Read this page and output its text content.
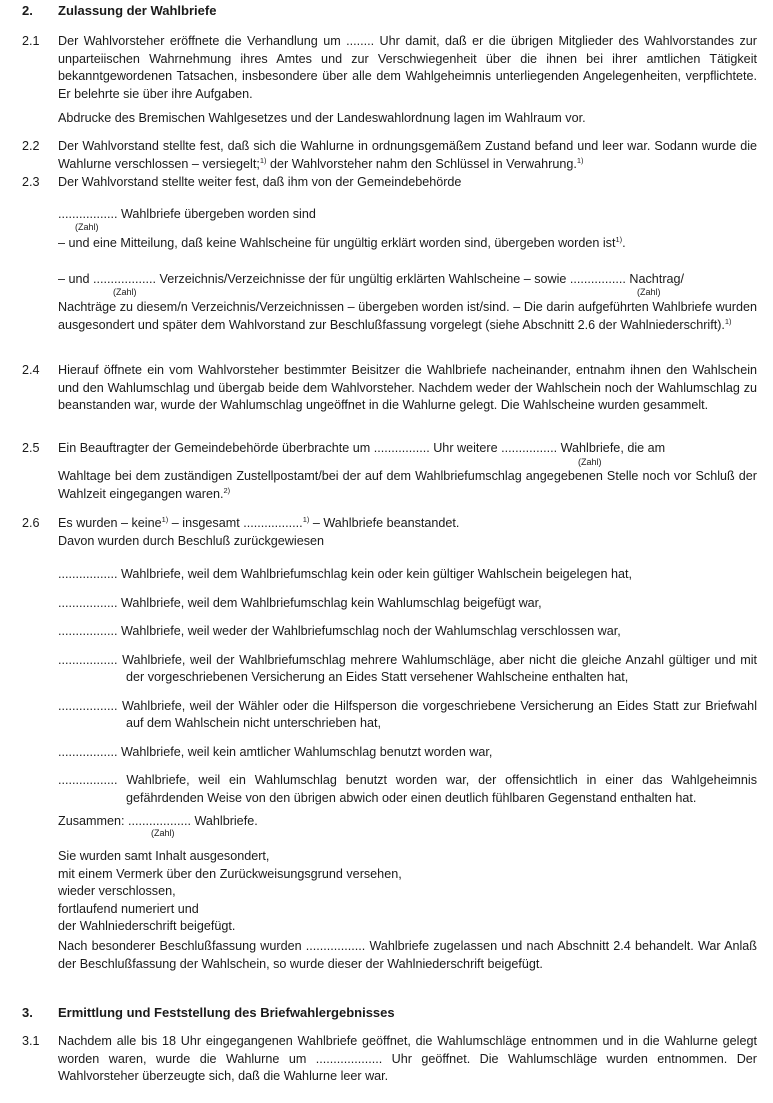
2. Zulassung der Wahlbriefe
2.1 Der Wahlvorsteher eröffnete die Verhandlung um ........ Uhr damit, daß er die übrigen Mitglieder des Wahlvorstandes zur unparteiischen Wahrnehmung ihres Amtes und zur Verschwiegenheit über die ihnen bei ihrer amtlichen Tätigkeit bekanntgewordenen Tatsachen, insbesondere über alle dem Wahlgeheimnis unterliegenden Angelegenheiten, verpflichtete. Er belehrte sie über ihre Aufgaben.

Abdrucke des Bremischen Wahlgesetzes und der Landeswahlordnung lagen im Wahlraum vor.

2.2 Der Wahlvorstand stellte fest, daß sich die Wahlurne in ordnungsgemäßem Zustand befand und leer war. Sodann wurde die Wahlurne verschlossen – versiegelt;$^{1)}$ der Wahlvorsteher nahm den Schlüssel in Verwahrung.$^{1)}$

2.3 Der Wahlvorstand stellte weiter fest, daß ihm von der Gemeindebehörde

................. Wahlbriefe übergeben worden sind
(Zahl)
– und eine Mitteilung, daß keine Wahlscheine für ungültig erklärt worden sind, übergeben worden ist$^{1)}$.
– und .................. Verzeichnis/Verzeichnisse der für ungültig erklärten Wahlscheine – sowie ................ Nachtrag/
(Zahl)	(Zahl)
Nachträge zu diesem/n Verzeichnis/Verzeichnissen – übergeben worden ist/sind. – Die darin aufgeführten Wahlbriefe wurden ausgesondert und später dem Wahlvorstand zur Beschlußfassung vorgelegt (siehe Abschnitt 2.6 der Wahlniederschrift).$^{1)}$
2.4 Hierauf öffnete ein vom Wahlvorsteher bestimmter Beisitzer die Wahlbriefe nacheinander, entnahm ihnen den Wahlschein und den Wahlumschlag und übergab beide dem Wahlvorsteher. Nachdem weder der Wahlschein noch der Wahlumschlag zu beanstanden war, wurde der Wahlumschlag ungeöffnet in die Wahlurne gelegt. Die Wahlscheine wurden gesammelt.

2.5 Ein Beauftragter der Gemeindebehörde überbrachte um ................ Uhr weitere ................ Wahlbriefe, die am

(Zahl)
Wahltage bei dem zuständigen Zustellpostamt/bei der auf dem Wahlbriefumschlag angegebenen Stelle noch vor Schluß der Wahlzeit eingegangen waren.$^{2)}$
2.6 Es wurden – keine$^{1)}$ – insgesamt .................$^{1)}$ – Wahlbriefe beanstandet.

Davon wurden durch Beschluß zurückgewiesen

................. Wahlbriefe, weil dem Wahlbriefumschlag kein oder kein gültiger Wahlschein beigelegen hat,
................. Wahlbriefe, weil dem Wahlbriefumschlag kein Wahlumschlag beigefügt war,
................. Wahlbriefe, weil weder der Wahlbriefumschlag noch der Wahlumschlag verschlossen war,
................. Wahlbriefe, weil der Wahlbriefumschlag mehrere Wahlumschläge, aber nicht die gleiche Anzahl gültiger und mit der vorgeschriebenen Versicherung an Eides Statt versehener Wahlscheine enthalten hat,
................. Wahlbriefe, weil der Wähler oder die Hilfsperson die vorgeschriebene Versicherung an Eides Statt zur Briefwahl auf dem Wahlschein nicht unterschrieben hat,
................. Wahlbriefe, weil kein amtlicher Wahlumschlag benutzt worden war,
................. Wahlbriefe, weil ein Wahlumschlag benutzt worden war, der offensichtlich in einer das Wahlgeheimnis gefährdenden Weise von den übrigen abwich oder einen deutlich fühlbaren Gegenstand enthalten hat.
Zusammen: .................. Wahlbriefe.
(Zahl)
Sie wurden samt Inhalt ausgesondert,
mit einem Vermerk über den Zurückweisungsgrund versehen,
wieder verschlossen,
fortlaufend numeriert und
der Wahlniederschrift beigefügt.
Nach besonderer Beschlußfassung wurden ................. Wahlbriefe zugelassen und nach Abschnitt 2.4 behandelt. War Anlaß der Beschlußfassung der Wahlschein, so wurde dieser der Wahlniederschrift beigefügt.
3. Ermittlung und Feststellung des Briefwahlergebnisses
3.1 Nachdem alle bis 18 Uhr eingegangenen Wahlbriefe geöffnet, die Wahlumschläge entnommen und in die Wahlurne gelegt worden waren, wurde die Wahlurne um ................... Uhr geöffnet. Die Wahlumschläge wurden entnommen. Der Wahlvorsteher überzeugte sich, daß die Wahlurne leer war.
